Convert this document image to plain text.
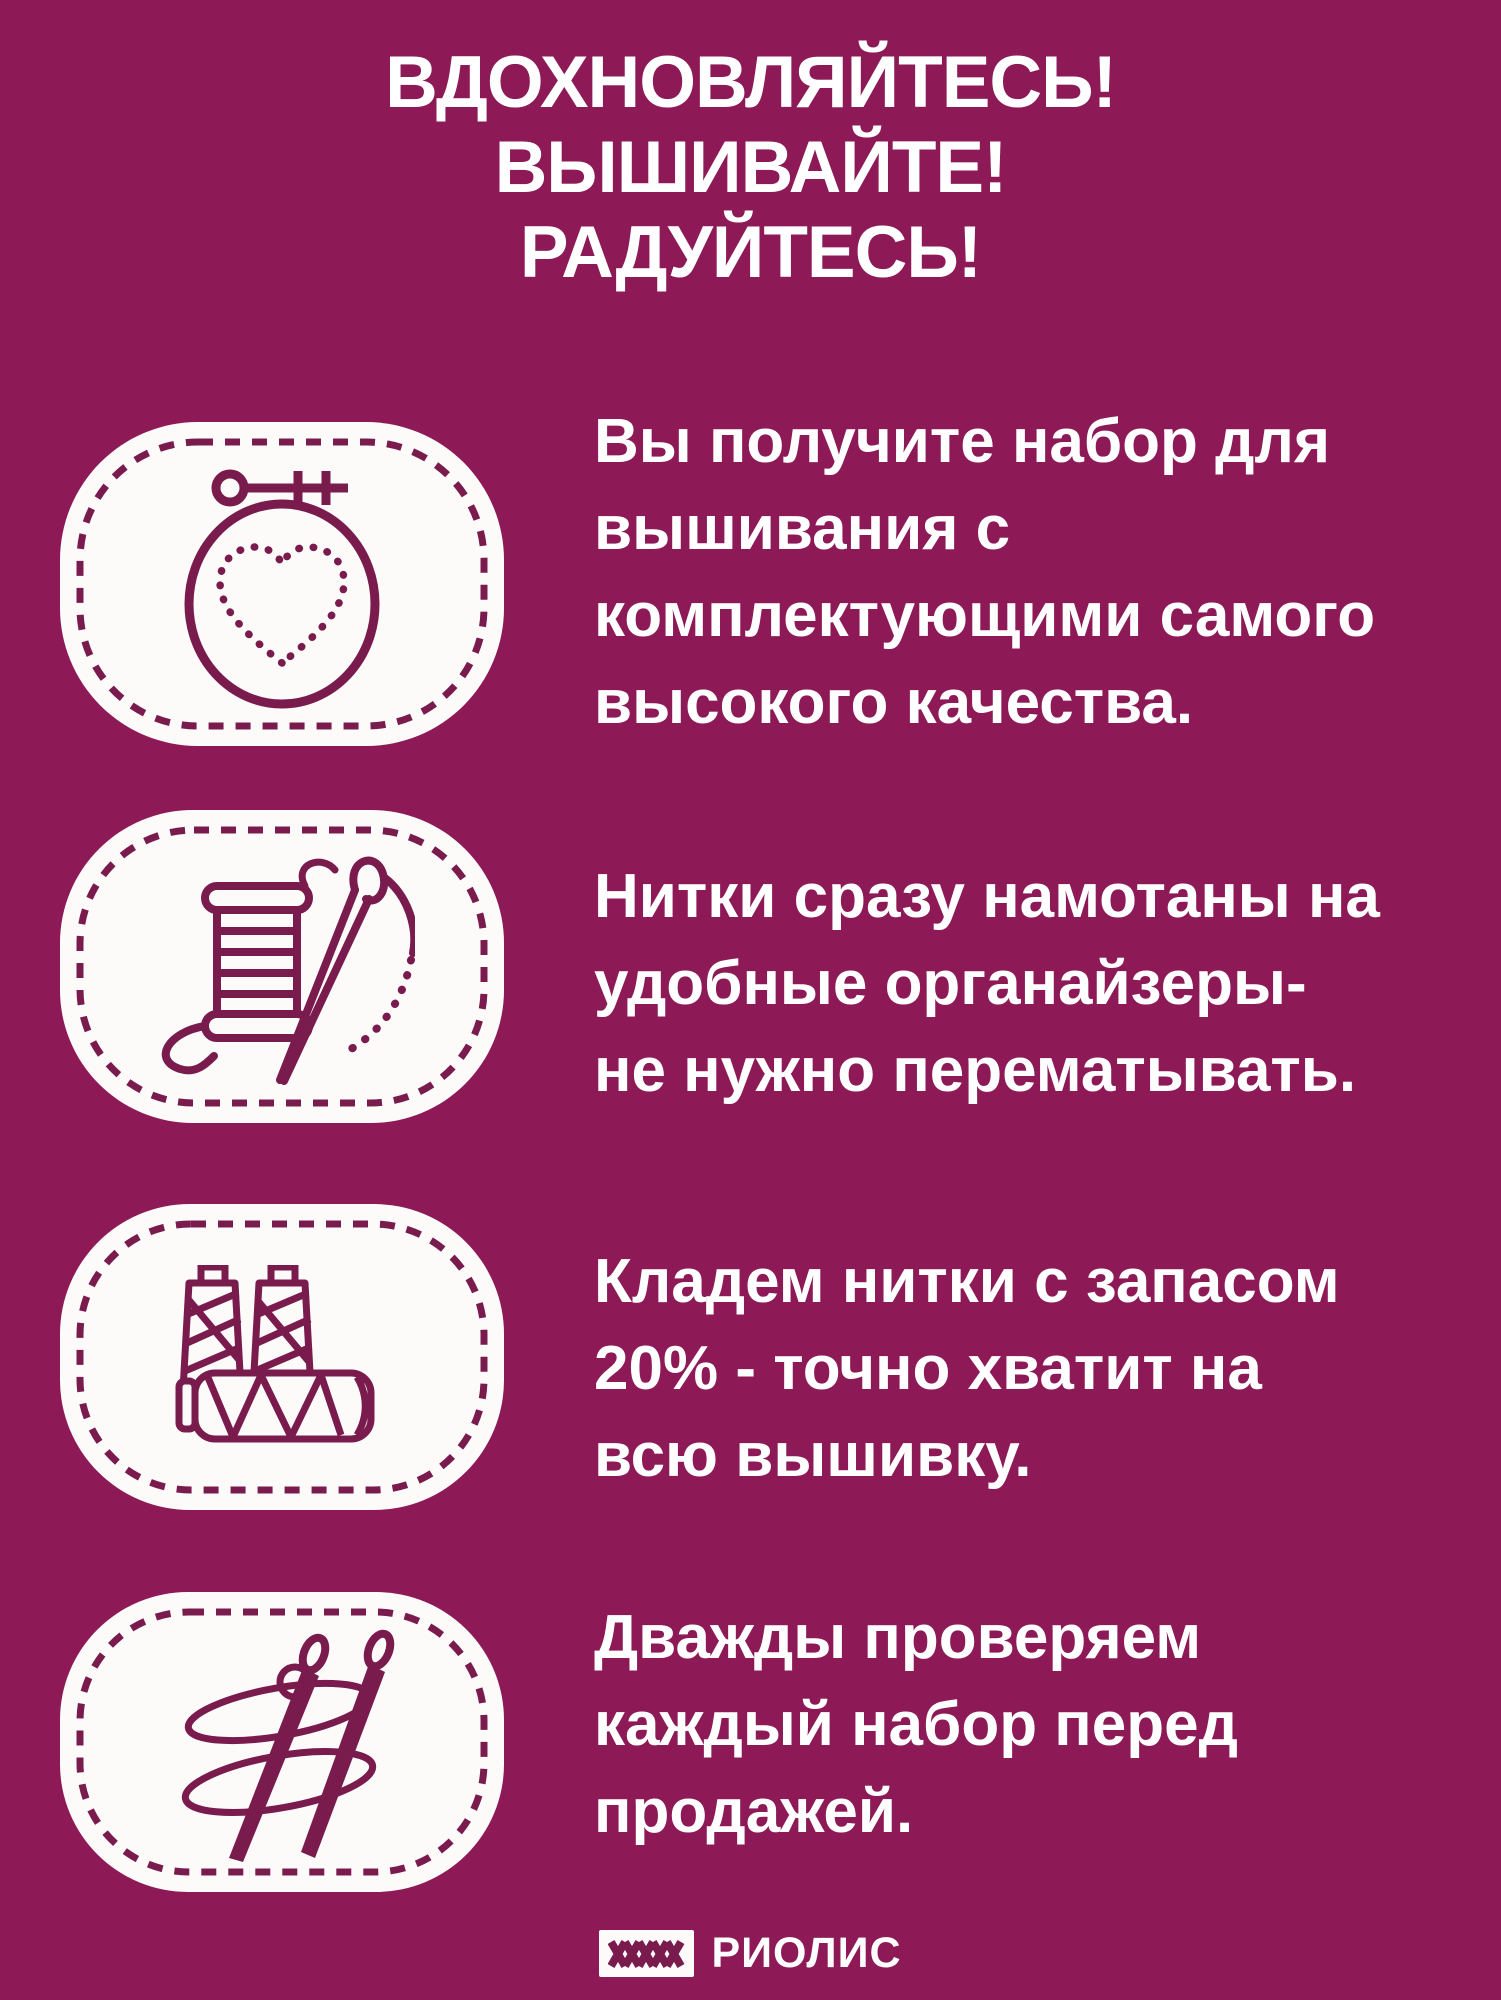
ВДОХНОВЛЯЙТЕСЬ!
ВЫШИВАЙТЕ!
РАДУЙТЕСЬ!
Вы получите набор для
вышивания с
комплектующими самого
высокого качества.
Нитки сразу намотаны на
удобные органайзеры-
не нужно перематывать.
Кладем нитки с запасом
20% - точно хватит на
всю вышивку.
Дважды проверяем
каждый набор перед
продажей.
РИОЛИС
